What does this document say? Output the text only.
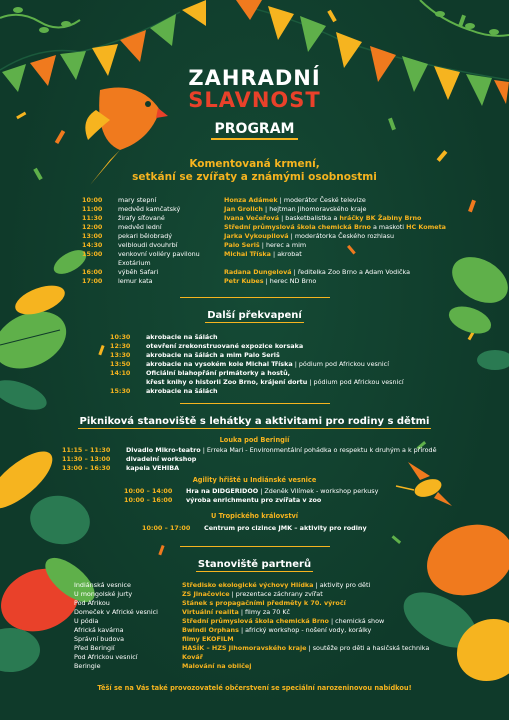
ZAHRADNÍ
SLAVNOST
PROGRAM
Komentovaná krmení,
setkání se zvířaty a známými osobnostmi
10:00 mary stepní	Honza Adámek | moderátor České televize
11:00 medvěd kamčatský	Jan Grolich | hejtman Jihomoravského kraje
11:30 žirafy síťované	Ivana Večeřová | basketbalistka a hráčky BK Žabiny Brno
12:00 medvěd lední	Střední průmyslová škola chemická Brno a maskoti HC Kometa
13:00 pekari bělobradý	Jarka Vykoupilová | moderátorka Českého rozhlasu
14:30 velbloudi dvouhrbí	Palo Seriš | herec a mim
15:00 venkovní voliéry pavilonu	Michal Tříska | akrobat
Exotárium
16:00 výběh Safari	Radana Dungelová | ředitelka Zoo Brno a Adam Vodička
17:00 lemur kata	Petr Kubes | herec ND Brno
Další překvapení
10:30 akrobacie na šálách
12:30 otevření zrekonstruované expozice korsaka
13:30 akrobacie na šálách a mim Palo Seriš
13:50 akrobacie na vysokém kole Michal Tříska | pódium pod Africkou vesnicí
14:10 Oficiální blahopřání primátorky a hostů,
křest knihy o historii Zoo Brno, krájení dortu | pódium pod Africkou vesnicí
15:30 akrobacie na šálách
Pikniková stanoviště s lehátky a aktivitami pro rodiny s dětmi
Louka pod Beringií
11:15 – 11:30 Divadlo Mikro-teatro | Erreka Mari - Environmentální pohádka o respektu k druhým a k přírodě
11:30 – 13:00 divadelní workshop
13:00 – 16:30 kapela VEHIBA
Agility hřiště u Indiánské vesnice
10:00 – 14:00 Hra na DIDGERIDOO | Zdeněk Vilímek - workshop perkusy
10:00 – 16:00 výroba enrichmentu pro zvířata v zoo
U Tropického království
10:00 – 17:00 Centrum pro cizince JMK – aktivity pro rodiny
Stanoviště partnerů
Indiánská vesnice	Středisko ekologické výchovy Hlídka | aktivity pro děti
U mongolské jurty	ZS Jinačovice | prezentace záchrany zvířat
Pod Afrikou	Stánek s propagačními předměty k 70. výročí
Domeček v Africké vesnici	Virtuální realita | filmy za 70 Kč
U pódia	Střední průmyslová škola chemická Brno | chemická show
Africká kavárna	Bwindi Orphans | africký workshop - nošení vody, korálky
Správní budova	filmy EKOFILM
Před Beringií	HASÍK – HZS Jihomoravského kraje | soutěže pro děti a hasičská technika
Pod Africkou vesnicí	Kovář
Beringie	Malování na obličej
Těší se na Vás také provozovatelé občerstvení se speciální narozeninovou nabídkou!
